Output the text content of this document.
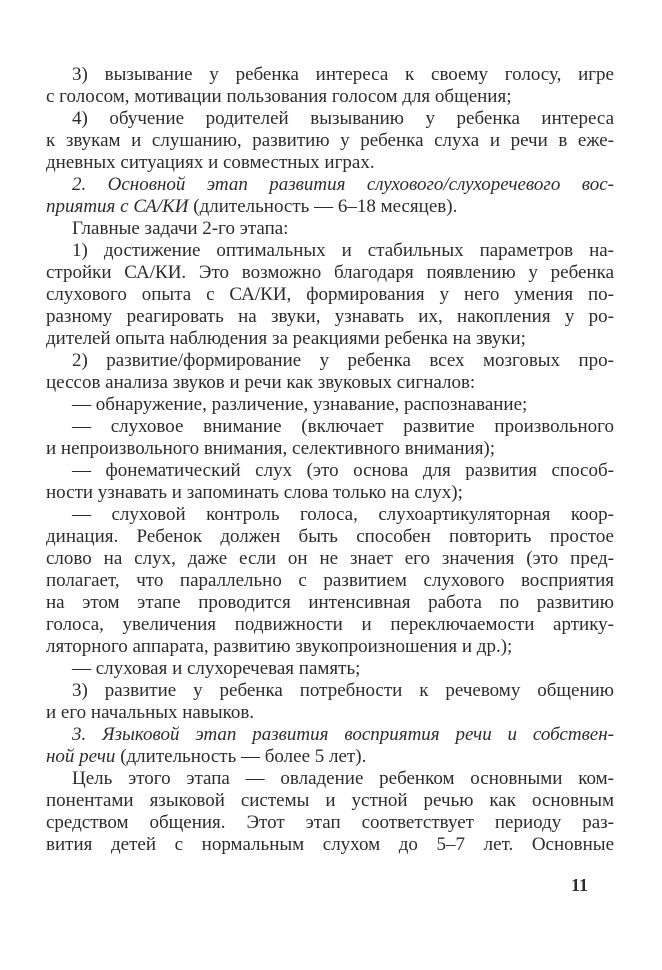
3) вызывание у ребенка интереса к своему голосу, игре
с голосом, мотивации пользования голосом для общения;

4) обучение родителей вызыванию у ребенка интереса
к звукам и слушанию, развитию у ребенка слуха и речи в еже-
дневных ситуациях и совместных играх.

2. Основной этап развития слухового/слухоречевого вос-
приятия с СА/КИ (длительность — 6–18 месяцев).

Главные задачи 2-го этапа:

1) достижение оптимальных и стабильных параметров на-
стройки СА/КИ. Это возможно благодаря появлению у ребенка
слухового опыта с СА/КИ, формирования у него умения по-
разному реагировать на звуки, узнавать их, накопления у ро-
дителей опыта наблюдения за реакциями ребенка на звуки;

2) развитие/формирование у ребенка всех мозговых про-
цессов анализа звуков и речи как звуковых сигналов:

— обнаружение, различение, узнавание, распознавание;

— слуховое внимание (включает развитие произвольного
и непроизвольного внимания, селективного внимания);

— фонематический слух (это основа для развития способ-
ности узнавать и запоминать слова только на слух);

— слуховой контроль голоса, слухоартикуляторная коор-
динация. Ребенок должен быть способен повторить простое
слово на слух, даже если он не знает его значения (это пред-
полагает, что параллельно с развитием слухового восприятия
на этом этапе проводится интенсивная работа по развитию
голоса, увеличения подвижности и переключаемости артику-
ляторного аппарата, развитию звукопроизношения и др.);

— слуховая и слухоречевая память;

3) развитие у ребенка потребности к речевому общению
и его начальных навыков.

3. Языковой этап развития восприятия речи и собствен-
ной речи (длительность — более 5 лет).

Цель этого этапа — овладение ребенком основными ком-
понентами языковой системы и устной речью как основным
средством общения. Этот этап соответствует периоду раз-
вития детей с нормальным слухом до 5–7 лет. Основные

11
